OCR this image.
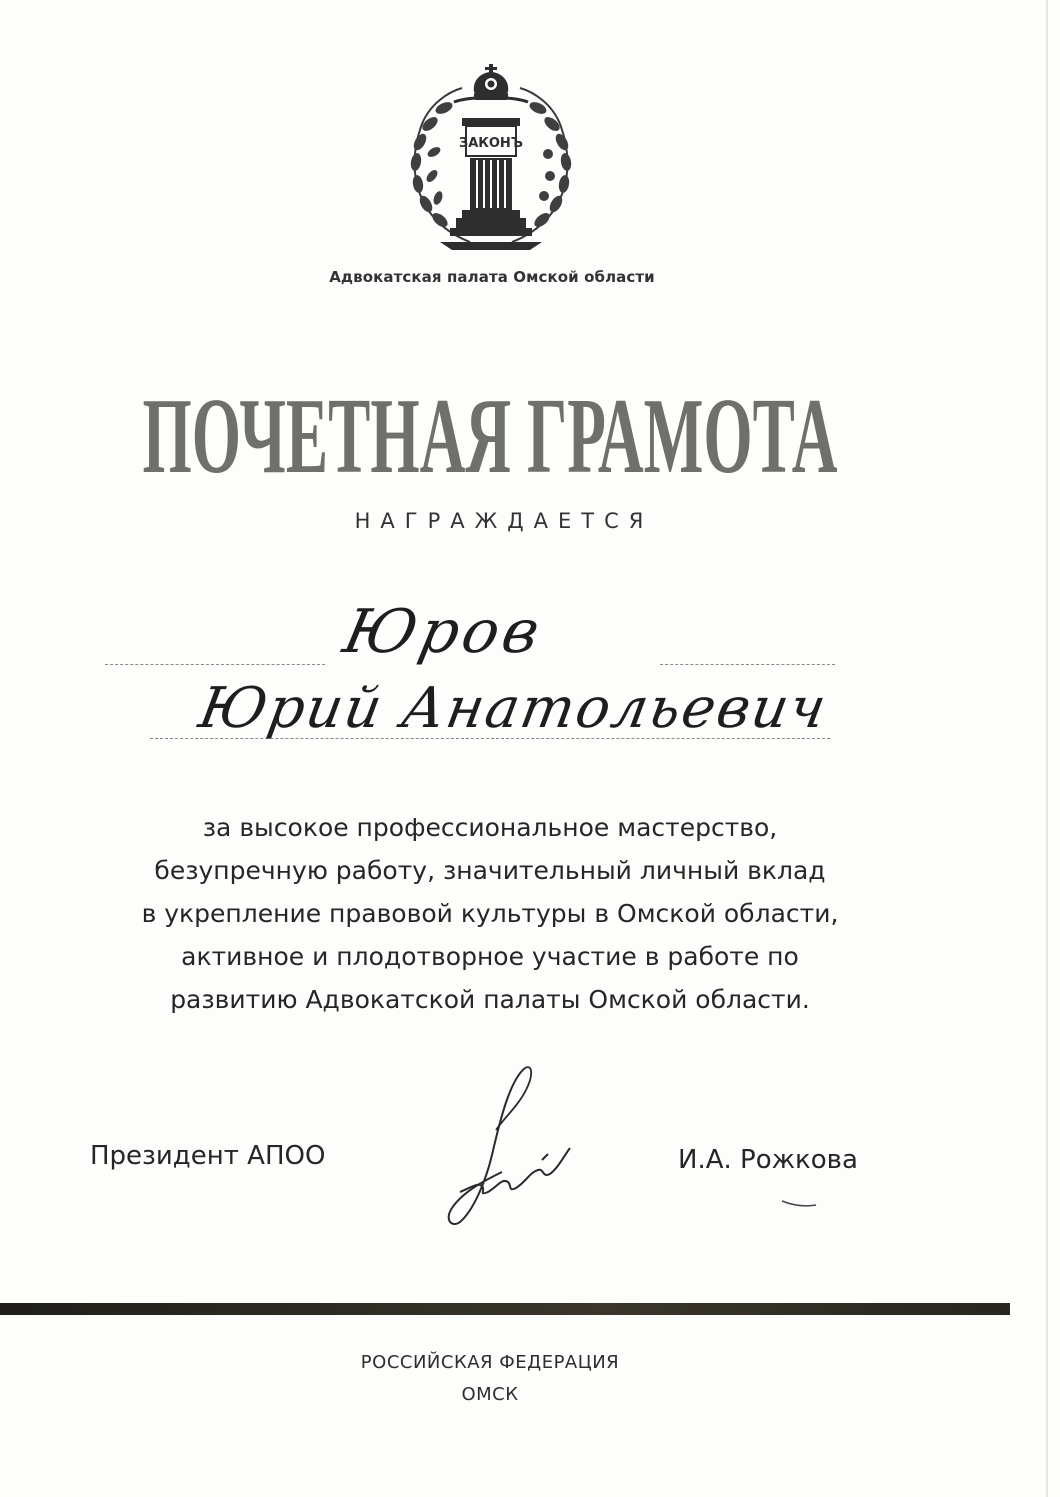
ЗАКОНЪ
Адвокатская палата Омской области
ПОЧЕТНАЯ ГРАМОТА
НАГРАЖДАЕТСЯ
Юров
Юрий Анатольевич
за высокое профессиональное мастерство,
безупречную работу, значительный личный вклад
в укрепление правовой культуры в Омской области,
активное и плодотворное участие в работе по
развитию Адвокатской палаты Омской области.
Президент АПОО	И.А. Рожкова
РОССИЙСКАЯ ФЕДЕРАЦИЯ
ОМСК
